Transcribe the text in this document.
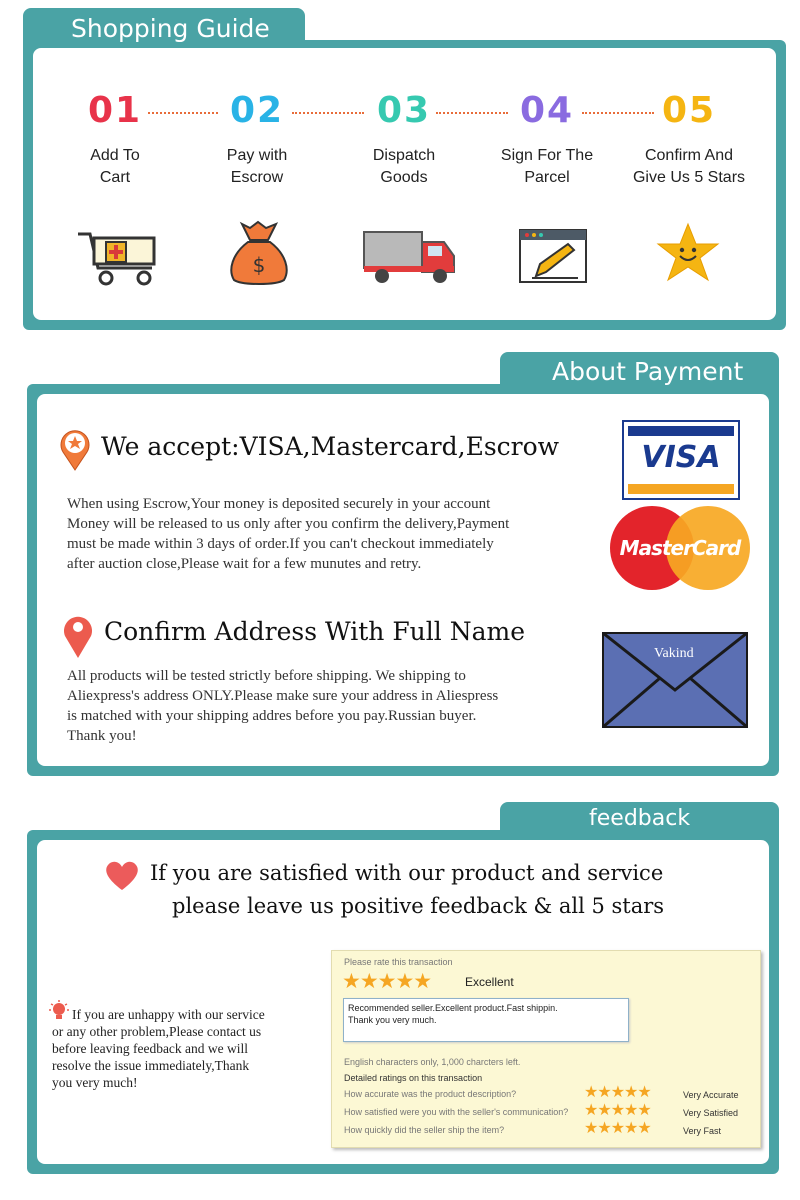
Shopping Guide
01
Add To
Cart
02
Pay with
Escrow
03
Dispatch
Goods
04
Sign For The
Parcel
05
Confirm And
Give Us 5 Stars
$
About Payment
We accept:VISA,Mastercard,Escrow
When using Escrow,Your money is deposited securely in your account
Money will be released to us only after you confirm the delivery,Payment
must be made within 3 days of order.If you can't checkout immediately
after auction close,Please wait for a few munutes and retry.
Confirm Address With Full Name
All products will be tested strictly before shipping. We shipping to
Aliexpress's address ONLY.Please make sure your address in Aliespress
is matched with your shipping addres before you pay.Russian buyer.
Thank you!
VISA
MasterCard
Vakind
feedback
If you are satisfied with our product and service
please leave us positive feedback & all 5 stars
If you are unhappy with our service
or any other problem,Please contact us
before leaving feedback and we will
resolve the issue immediately,Thank
you very much!
Please rate this transaction
★★★★★	Excellent
Recommended seller.Excellent product.Fast shippin.
Thank you very much.
English characters only, 1,000 charcters left.
Detailed ratings on this transaction
How accurate was the product description?	★★★★★	Very Accurate
How satisfied were you with the seller's communication? ★★★★★	Very Satisfied
How quickly did the seller ship the item?	★★★★★	Very Fast
